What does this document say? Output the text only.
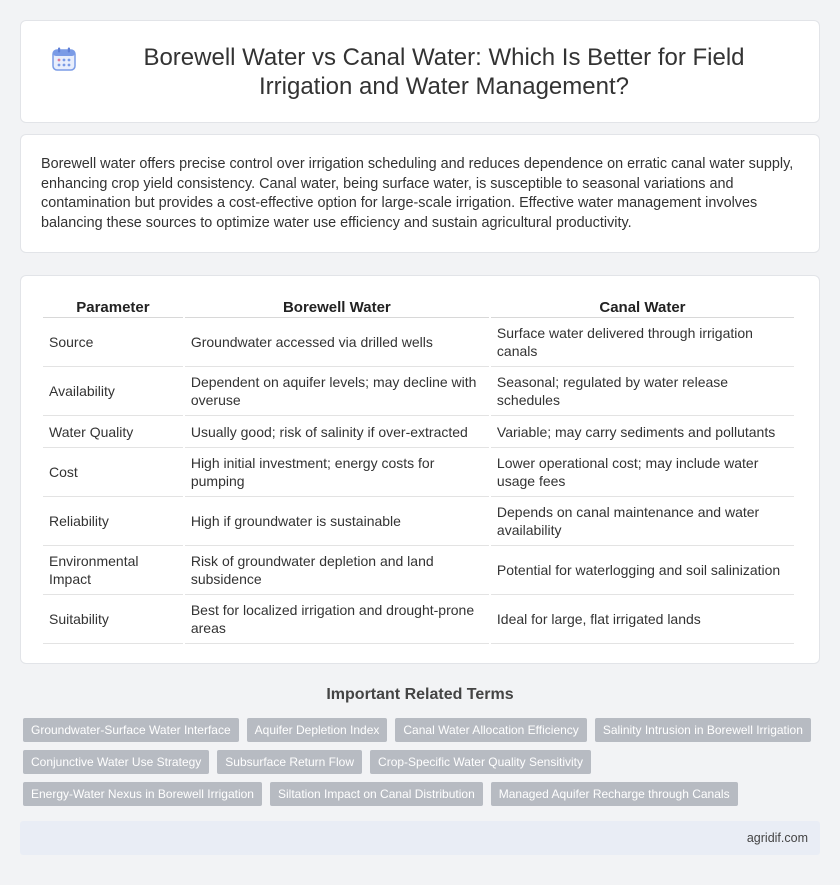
Borewell Water vs Canal Water: Which Is Better for Field Irrigation and Water Management?

Borewell water offers precise control over irrigation scheduling and reduces dependence on erratic canal water supply, enhancing crop yield consistency. Canal water, being surface water, is susceptible to seasonal variations and contamination but provides a cost-effective option for large-scale irrigation. Effective water management involves balancing these sources to optimize water use efficiency and sustain agricultural productivity.

Parameter	Borewell Water	Canal Water
Source	Groundwater accessed via drilled wells	Surface water delivered through irrigation canals
Availability	Dependent on aquifer levels; may decline with overuse	Seasonal; regulated by water release schedules
Water Quality	Usually good; risk of salinity if over-extracted	Variable; may carry sediments and pollutants
Cost	High initial investment; energy costs for pumping	Lower operational cost; may include water usage fees
Reliability	High if groundwater is sustainable	Depends on canal maintenance and water availability
Environmental Impact	Risk of groundwater depletion and land subsidence	Potential for waterlogging and soil salinization
Suitability	Best for localized irrigation and drought-prone areas	Ideal for large, flat irrigated lands
Important Related Terms
Groundwater-Surface Water Interface	Aquifer Depletion Index	Canal Water Allocation Efficiency	Salinity Intrusion in Borewell Irrigation
Conjunctive Water Use Strategy	Subsurface Return Flow	Crop-Specific Water Quality Sensitivity
Energy-Water Nexus in Borewell Irrigation	Siltation Impact on Canal Distribution	Managed Aquifer Recharge through Canals
agridif.com
